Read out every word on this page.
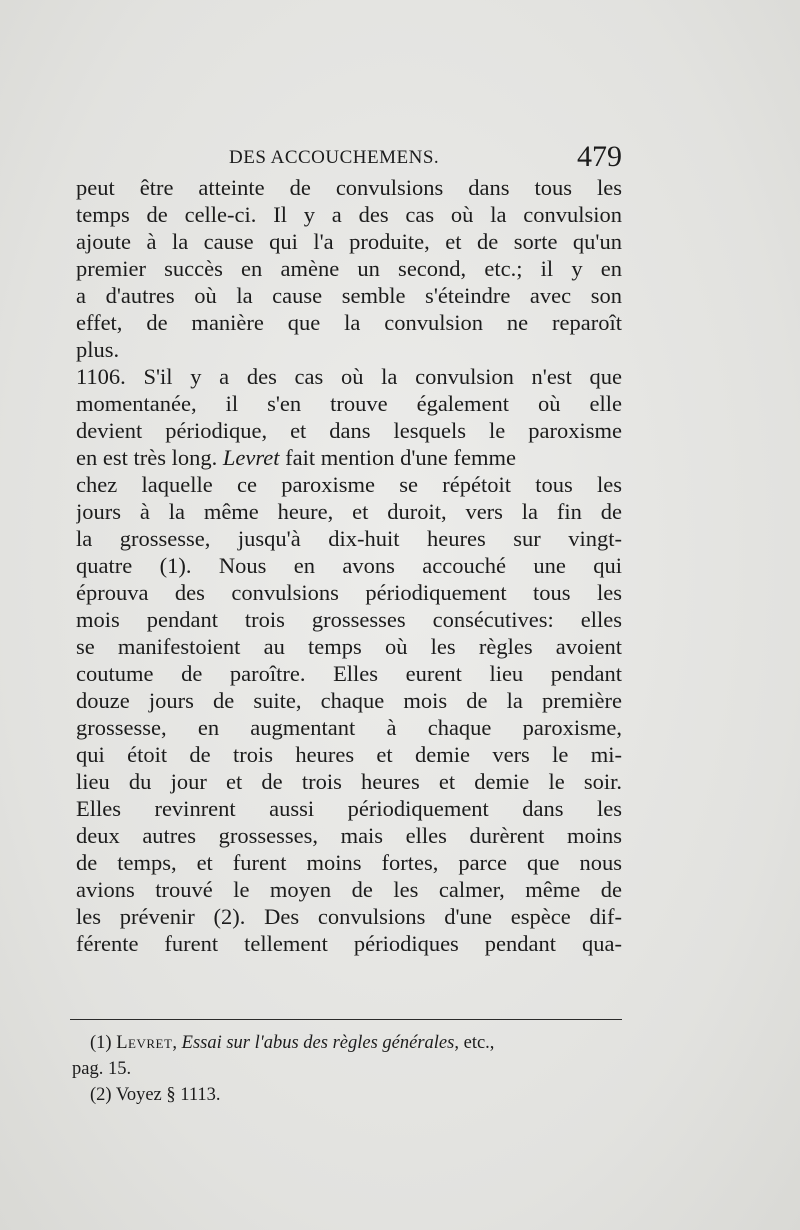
DES ACCOUCHEMENS.	479
peut être atteinte de convulsions dans tous les
temps de celle-ci. Il y a des cas où la convulsion
ajoute à la cause qui l'a produite, et de sorte qu'un
premier succès en amène un second, etc.; il y en
a d'autres où la cause semble s'éteindre avec son
effet, de manière que la convulsion ne reparoît
plus.
1106. S'il y a des cas où la convulsion n'est que
momentanée, il s'en trouve également où elle
devient périodique, et dans lesquels le paroxisme
en est très long. Levret fait mention d'une femme
chez laquelle ce paroxisme se répétoit tous les
jours à la même heure, et duroit, vers la fin de
la grossesse, jusqu'à dix-huit heures sur vingt-
quatre (1). Nous en avons accouché une qui
éprouva des convulsions périodiquement tous les
mois pendant trois grossesses consécutives: elles
se manifestoient au temps où les règles avoient
coutume de paroître. Elles eurent lieu pendant
douze jours de suite, chaque mois de la première
grossesse, en augmentant à chaque paroxisme,
qui étoit de trois heures et demie vers le mi-
lieu du jour et de trois heures et demie le soir.
Elles revinrent aussi périodiquement dans les
deux autres grossesses, mais elles durèrent moins
de temps, et furent moins fortes, parce que nous
avions trouvé le moyen de les calmer, même de
les prévenir (2). Des convulsions d'une espèce dif-
férente furent tellement périodiques pendant qua-
(1) Levret, Essai sur l'abus des règles générales, etc.,
pag. 15.
(2) Voyez § 1113.
